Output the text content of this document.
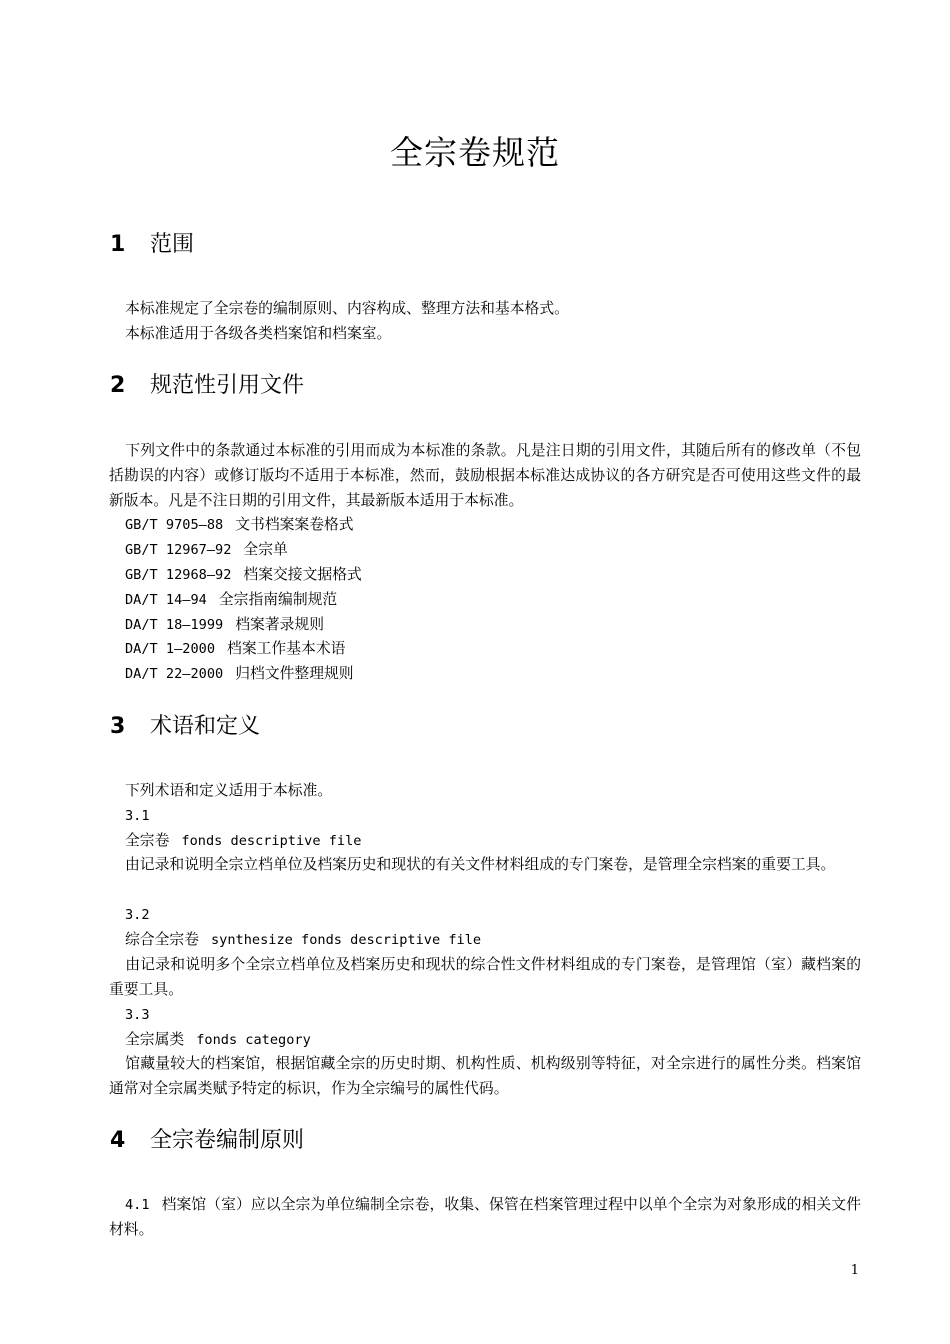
全宗卷规范
1 范围
本标准规定了全宗卷的编制原则、内容构成、整理方法和基本格式。
本标准适用于各级各类档案馆和档案室。
2 规范性引用文件
下列文件中的条款通过本标准的引用而成为本标准的条款。凡是注日期的引用文件，其随后所有的修改单（不包括勘误的内容）或修订版均不适用于本标准，然而，鼓励根据本标准达成协议的各方研究是否可使用这些文件的最新版本。凡是不注日期的引用文件，其最新版本适用于本标准。
GB/T 9705—88 文书档案案卷格式
GB/T 12967—92 全宗单
GB/T 12968—92 档案交接文据格式
DA/T 14—94 全宗指南编制规范
DA/T 18—1999 档案著录规则
DA/T 1—2000 档案工作基本术语
DA/T 22—2000 归档文件整理规则
3 术语和定义
下列术语和定义适用于本标准。
3.1
全宗卷 fonds descriptive file
由记录和说明全宗立档单位及档案历史和现状的有关文件材料组成的专门案卷，是管理全宗档案的重要工具。
3.2
综合全宗卷 synthesize fonds descriptive file
由记录和说明多个全宗立档单位及档案历史和现状的综合性文件材料组成的专门案卷，是管理馆（室）藏档案的重要工具。
3.3
全宗属类 fonds category
馆藏量较大的档案馆，根据馆藏全宗的历史时期、机构性质、机构级别等特征，对全宗进行的属性分类。档案馆通常对全宗属类赋予特定的标识，作为全宗编号的属性代码。
4 全宗卷编制原则
4.1 档案馆（室）应以全宗为单位编制全宗卷，收集、保管在档案管理过程中以单个全宗为对象形成的相关文件材料。
1
